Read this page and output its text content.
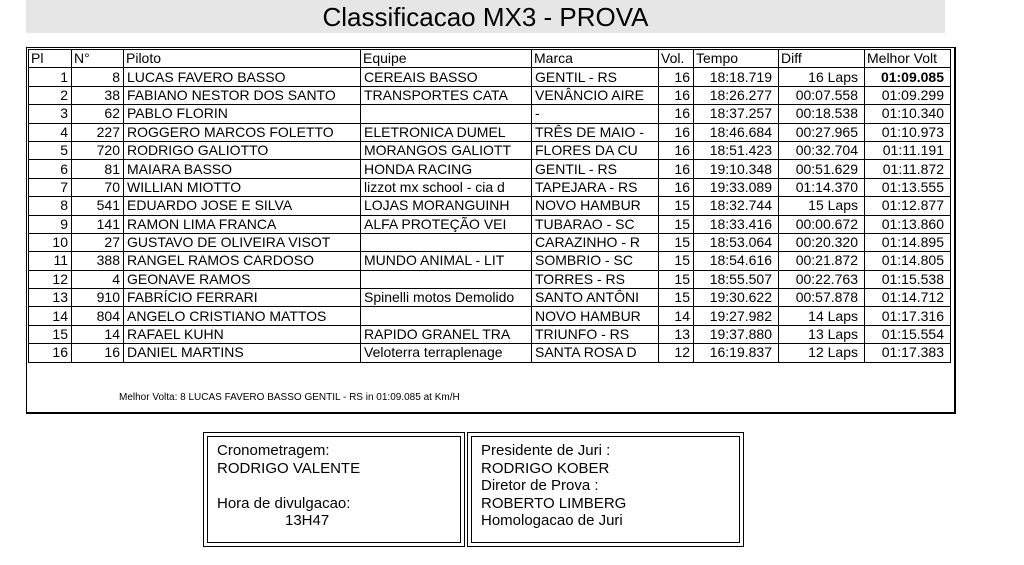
Classificacao MX3 - PROVA
Pl	N°	Piloto	Equipe	Marca	Vol.	Tempo	Diff	Melhor Volt
1	8	LUCAS FAVERO BASSO	CEREAIS BASSO	GENTIL - RS	16	18:18.719	16 Laps	01:09.085
2	38	FABIANO NESTOR DOS SANTO	TRANSPORTES CATA	VENÂNCIO AIRE	16	18:26.277	00:07.558	01:09.299
3	62	PABLO FLORIN		-	16	18:37.257	00:18.538	01:10.340
4	227	ROGGERO MARCOS FOLETTO	ELETRONICA DUMEL	TRÊS DE MAIO -	16	18:46.684	00:27.965	01:10.973
5	720	RODRIGO GALIOTTO	MORANGOS GALIOTT	FLORES DA CU	16	18:51.423	00:32.704	01:11.191
6	81	MAIARA BASSO	HONDA RACING	GENTIL - RS	16	19:10.348	00:51.629	01:11.872
7	70	WILLIAN MIOTTO	lizzot mx school - cia d	TAPEJARA - RS	16	19:33.089	01:14.370	01:13.555
8	541	EDUARDO JOSE E SILVA	LOJAS MORANGUINH	NOVO HAMBUR	15	18:32.744	15 Laps	01:12.877
9	141	RAMON LIMA FRANCA	ALFA PROTEÇÃO VEI	TUBARAO - SC	15	18:33.416	00:00.672	01:13.860
10	27	GUSTAVO DE OLIVEIRA VISOT		CARAZINHO - R	15	18:53.064	00:20.320	01:14.895
11	388	RANGEL RAMOS CARDOSO	MUNDO ANIMAL - LIT	SOMBRIO - SC	15	18:54.616	00:21.872	01:14.805
12	4	GEONAVE RAMOS		TORRES - RS	15	18:55.507	00:22.763	01:15.538
13	910	FABRÍCIO FERRARI	Spinelli motos Demolido	SANTO ANTÔNI	15	19:30.622	00:57.878	01:14.712
14	804	ANGELO CRISTIANO MATTOS		NOVO HAMBUR	14	19:27.982	14 Laps	01:17.316
15	14	RAFAEL KUHN	RAPIDO GRANEL TRA	TRIUNFO - RS	13	19:37.880	13 Laps	01:15.554
16	16	DANIEL MARTINS	Veloterra terraplenage	SANTA ROSA D	12	16:19.837	12 Laps	01:17.383
Melhor Volta: 8 LUCAS FAVERO BASSO GENTIL - RS in 01:09.085 at Km/H
Cronometragem:
RODRIGO VALENTE
Hora de divulgacao:
13H47
Presidente de Juri :
RODRIGO KOBER
Diretor de Prova :
ROBERTO LIMBERG
Homologacao de Juri
